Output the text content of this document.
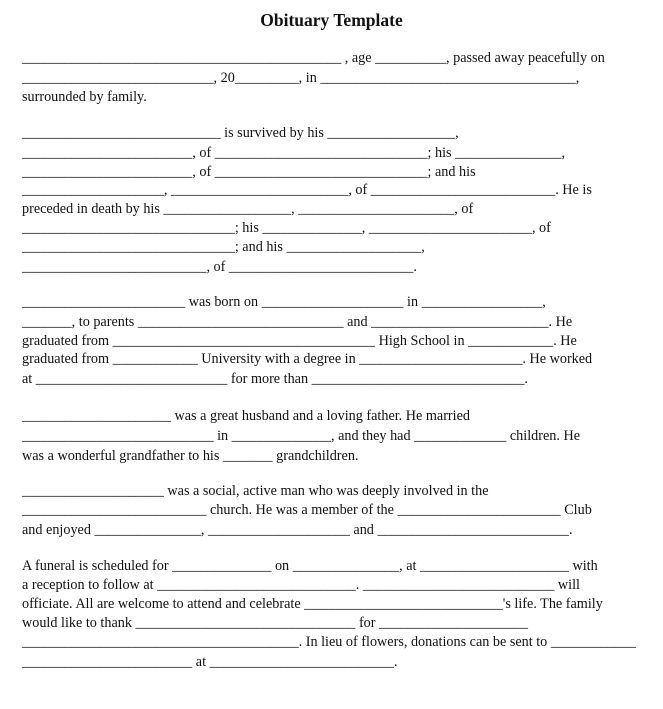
Obituary Template
_____________________________________________ , age __________, passed away peacefully on
___________________________, 20_________, in ____________________________________,
surrounded by family.
____________________________ is survived by his __________________,
________________________, of ______________________________; his _______________,
________________________, of ______________________________; and his
____________________, _________________________, of __________________________. He is
preceded in death by his __________________, ______________________, of
______________________________; his ______________, _______________________, of
______________________________; and his ___________________,
__________________________, of __________________________.
_______________________ was born on ____________________ in _________________,
_______, to parents _____________________________ and _________________________. He
graduated from _____________________________________ High School in ____________. He
graduated from ____________ University with a degree in _______________________. He worked
at ___________________________ for more than ______________________________.
_____________________ was a great husband and a loving father. He married
___________________________ in ______________, and they had _____________ children. He
was a wonderful grandfather to his _______ grandchildren.
____________________ was a social, active man who was deeply involved in the
__________________________ church. He was a member of the _______________________ Club
and enjoyed _______________, ____________________ and ___________________________.
A funeral is scheduled for ______________ on _______________, at _____________________ with
a reception to follow at ____________________________. ___________________________ will
officiate. All are welcome to attend and celebrate ____________________________'s life. The family
would like to thank _______________________________ for _____________________
_______________________________________. In lieu of flowers, donations can be sent to ____________
________________________ at __________________________.
